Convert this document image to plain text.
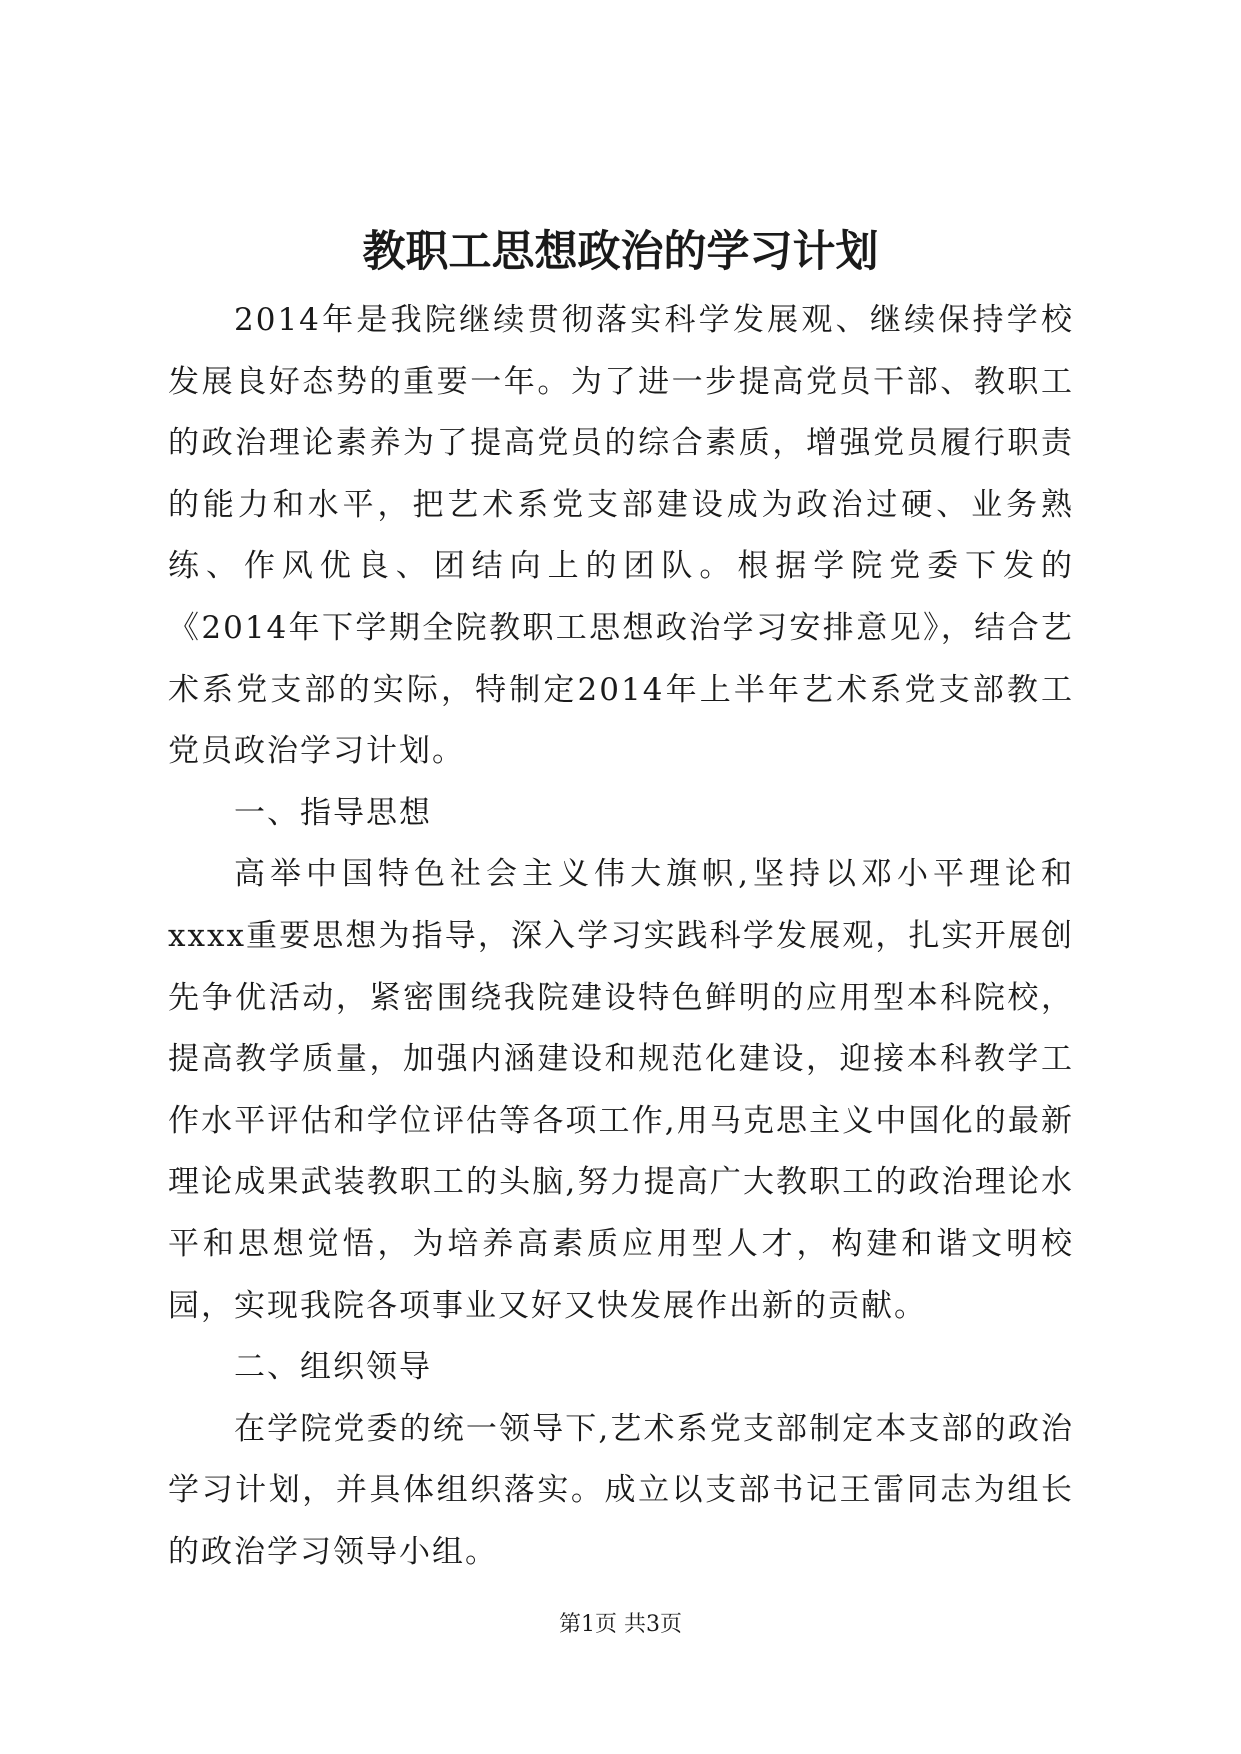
教职工思想政治的学习计划

2014年是我院继续贯彻落实科学发展观、继续保持学校发展良好态势的重要一年。为了进一步提高党员干部、教职工的政治理论素养为了提高党员的综合素质，增强党员履行职责的能力和水平，把艺术系党支部建设成为政治过硬、业务熟练、作风优良、团结向上的团队。根据学院党委下发的《2014年下学期全院教职工思想政治学习安排意见》，结合艺术系党支部的实际，特制定2014年上半年艺术系党支部教工党员政治学习计划。

一、指导思想

高举中国特色社会主义伟大旗帜,坚持以邓小平理论和xxxx重要思想为指导，深入学习实践科学发展观，扎实开展创先争优活动，紧密围绕我院建设特色鲜明的应用型本科院校，提高教学质量，加强内涵建设和规范化建设，迎接本科教学工作水平评估和学位评估等各项工作,用马克思主义中国化的最新理论成果武装教职工的头脑,努力提高广大教职工的政治理论水平和思想觉悟，为培养高素质应用型人才，构建和谐文明校园，实现我院各项事业又好又快发展作出新的贡献。

二、组织领导

在学院党委的统一领导下,艺术系党支部制定本支部的政治学习计划，并具体组织落实。成立以支部书记王雷同志为组长的政治学习领导小组。

第1页 共3页
